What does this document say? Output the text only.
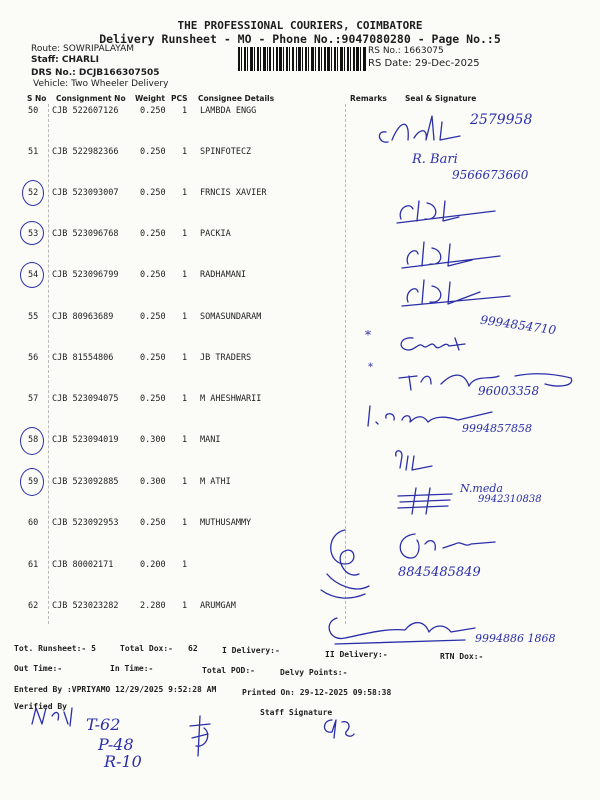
THE PROFESSIONAL COURIERS, COIMBATORE
Delivery Runsheet - MO - Phone No.:9047080280 - Page No.:5
Route: SOWRIPALAYAM
Staff: CHARLI
DRS No.: DCJB166307505
Vehicle: Two Wheeler Delivery
RS No.: 1663075
RS Date: 29-Dec-2025
S No Consignment No Weight PCS Consignee Details	Remarks Seal & Signature
50 CJB 522607126	0.250 1 LAMBDA ENGG
51 CJB 522982366	0.250 1 SPINFOTECZ
52 CJB 523093007	0.250 1 FRNCIS XAVIER
53 CJB 523096768	0.250 1 PACKIA
54 CJB 523096799	0.250 1 RADHAMANI
55 CJB 80963689	0.250 1 SOMASUNDARAM
56 CJB 81554806	0.250 1 JB TRADERS
57 CJB 523094075	0.250 1 M AHESHWARII
58 CJB 523094019	0.300 1 MANI
59 CJB 523092885	0.300 1 M ATHI
60 CJB 523092953	0.250 1 MUTHUSAMMY
61 CJB 80002171	0.200 1
62 CJB 523023282	2.280 1 ARUMGAM
2579958
R. Bari
9566673660
*	9994854710
*
96003358
9994857858
N.meda
9942310838
8845485849
9994886 1868
Tot. Runsheet:- 5	Total Dox:- 62	I Delivery:-	II Delivery:-	RTN Dox:-
Out Time:-	In Time:-	Total POD:-	Delvy Points:-
Entered By :VPRIYAMO 12/29/2025 9:52:28 AM	Printed On: 29-12-2025 09:58:38
Verified By
Staff Signature
T-62
P-48
R-10
